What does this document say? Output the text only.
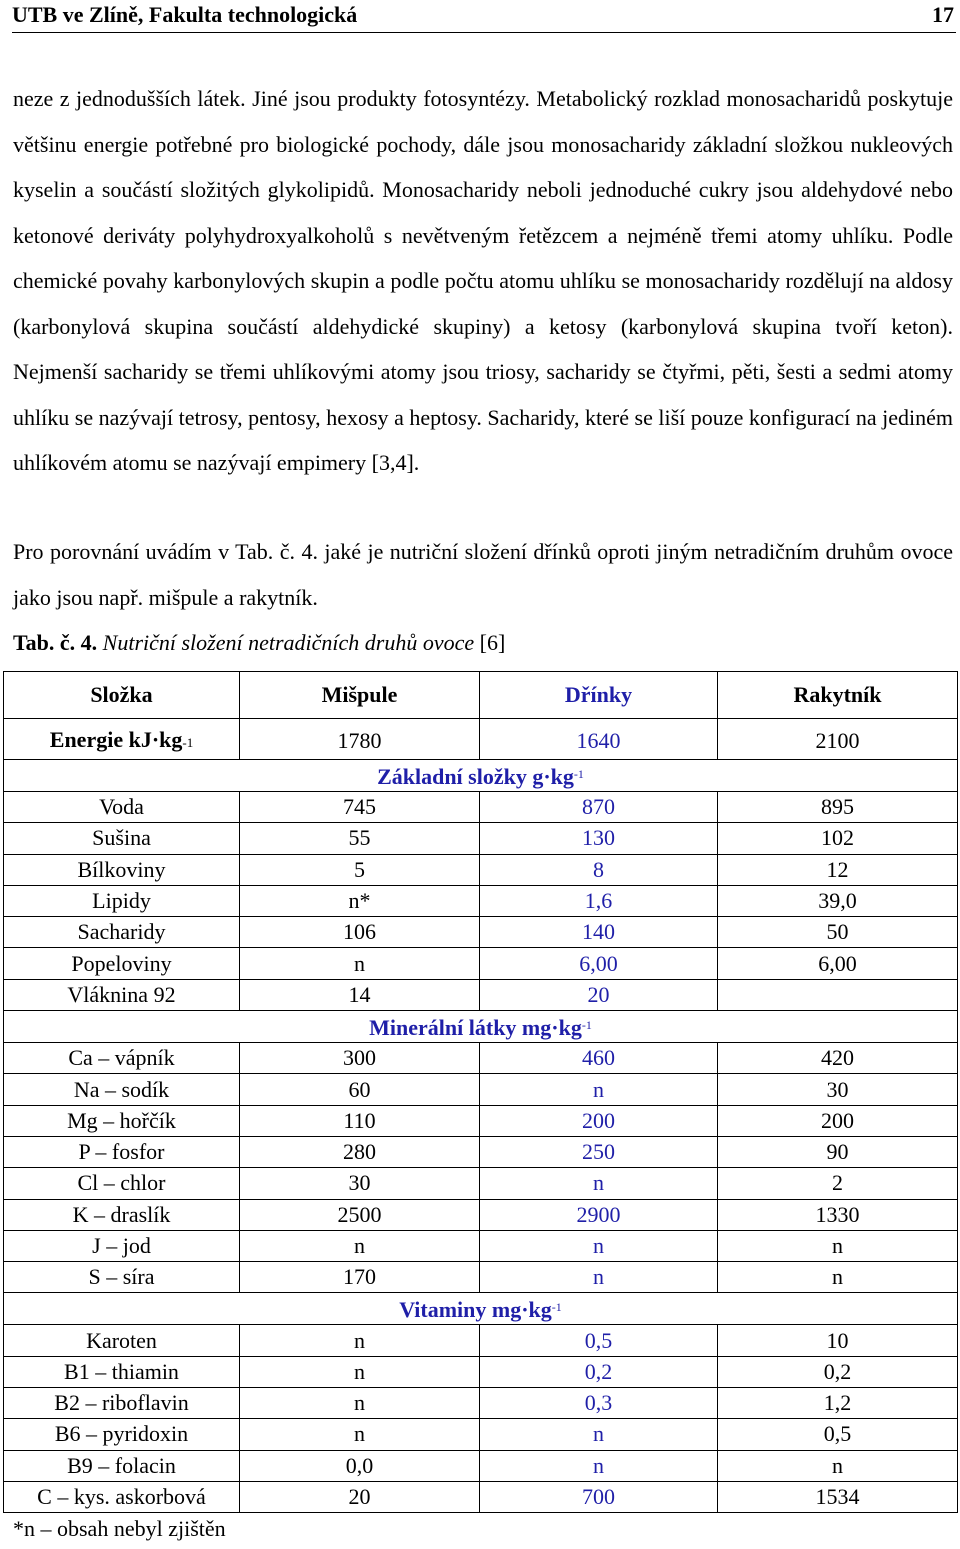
UTB ve Zlíně, Fakulta technologická	17

neze z jednodušších látek. Jiné jsou produkty fotosyntézy. Metabolický rozklad monosacharidů poskytuje většinu energie potřebné pro biologické pochody, dále jsou monosacharidy základní složkou nukleových kyselin a součástí složitých glykolipidů. Monosacharidy neboli jednoduché cukry jsou aldehydové nebo ketonové deriváty polyhydroxyalkoholů s nevětveným řetězcem a nejméně třemi atomy uhlíku. Podle chemické povahy karbonylových skupin a podle počtu atomu uhlíku se monosacharidy rozdělují na aldosy (karbonylová skupina součástí aldehydické skupiny) a ketosy (karbonylová skupina tvoří keton). Nejmenší sacharidy se třemi uhlíkovými atomy jsou triosy, sacharidy se čtyřmi, pěti, šesti a sedmi atomy uhlíku se nazývají tetrosy, pentosy, hexosy a heptosy. Sacharidy, které se liší pouze konfigurací na jediném uhlíkovém atomu se nazývají empimery [3,4].

Pro porovnání uvádím v Tab. č. 4. jaké je nutriční složení dřínků oproti jiným netradičním druhům ovoce jako jsou např. mišpule a rakytník.

Tab. č. 4. Nutriční složení netradičních druhů ovoce [6]
Složka	Mišpule	Dřínky	Rakytník
Energie kJ·kg-1	1780	1640	2100
Základní složky $g\cdot kg^{-1}$
Voda	745	870	895
Sušina	55	130	102
Bílkoviny	5	8	12
Lipidy	n*	1,6	39,0
Sacharidy	106	140	50
Popeloviny	n	6,00	6,00
Vláknina 92	14	20	
Minerální látky $mg\cdot kg^{-1}$
Ca – vápník	300	460	420
Na – sodík	60	n	30
Mg – hořčík	110	200	200
P – fosfor	280	250	90
Cl – chlor	30	n	2
K – draslík	2500	2900	1330
J – jod	n	n	n
S – síra	170	n	n
Vitaminy $mg\cdot kg^{-1}$
Karoten	n	0,5	10
B1 – thiamin	n	0,2	0,2
B2 – riboflavin	n	0,3	1,2
B6 – pyridoxin	n	n	0,5
B9 – folacin	0,0	n	n
C – kys. askorbová	20	700	1534
*n – obsah nebyl zjištěn
